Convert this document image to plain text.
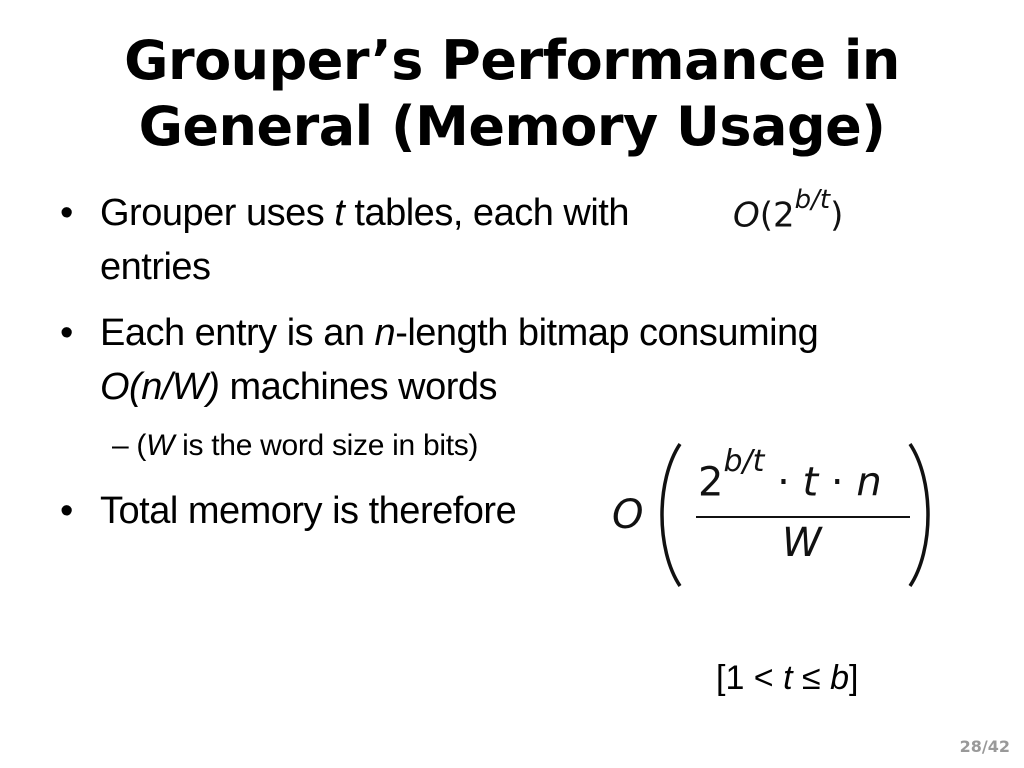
Grouper’s Performance in
General (Memory Usage)
• Grouper uses t tables, each with
entries
$O(2^{b/t})$
• Each entry is an n-length bitmap consuming
O(n/W) machines words
– (W is the word size in bits)
• Total memory is therefore O
$2^{b/t} \cdot t \cdot n$
W
[1 < t ≤ b]
28/42
